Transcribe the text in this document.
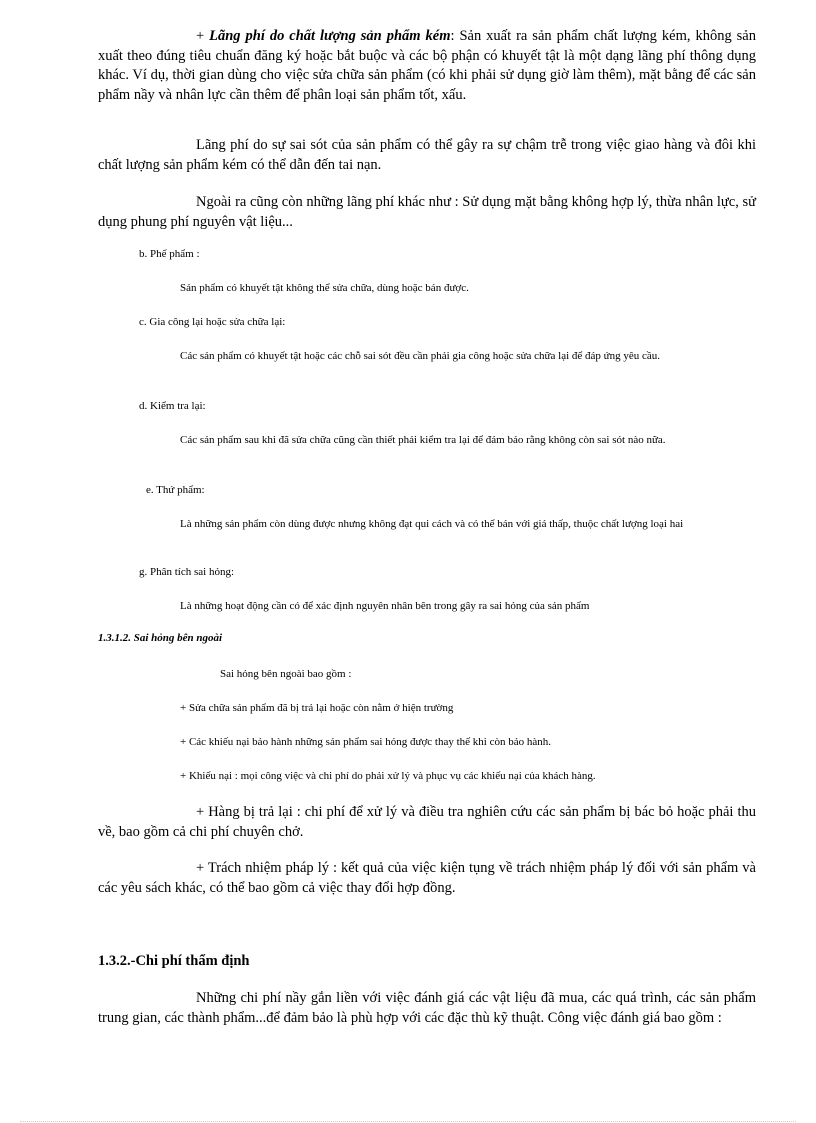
+ Lãng phí do chất lượng sản phẩm kém: Sản xuất ra sản phẩm chất lượng kém, không sản xuất theo đúng tiêu chuẩn đăng ký hoặc bắt buộc và các bộ phận có khuyết tật là một dạng lãng phí thông dụng khác. Ví dụ, thời gian dùng cho việc sửa chữa sản phẩm (có khi phải sử dụng giờ làm thêm), mặt bằng để các sản phẩm nầy và nhân lực cần thêm để phân loại sản phẩm tốt, xấu.

Lãng phí do sự sai sót của sản phẩm có thể gây ra sự chậm trễ trong việc giao hàng và đôi khi chất lượng sản phẩm kém có thể dẫn đến tai nạn.

Ngoài ra cũng còn những lãng phí khác như : Sử dụng mặt bằng không hợp lý, thừa nhân lực, sử dụng phung phí nguyên vật liệu...

b. Phế phẩm :

Sản phẩm có khuyết tật không thể sửa chữa, dùng hoặc bán được.

c. Gia công lại hoặc sửa chữa lại:

Các sản phẩm có khuyết tật hoặc các chỗ sai sót đều cần phải gia công hoặc sửa chữa lại để đáp ứng yêu cầu.

d. Kiểm tra lại:

Các sản phẩm sau khi đã sửa chữa cũng cần thiết phải kiểm tra lại để đảm bảo rằng không còn sai sót nào nữa.

e. Thứ phẩm:

Là những sản phẩm còn dùng được nhưng không đạt qui cách và có thể bán với giá thấp, thuộc chất lượng loại hai

g. Phân tích sai hỏng:

Là những hoạt động cần có để xác định nguyên nhân bên trong gây ra sai hỏng của sản phẩm

1.3.1.2. Sai hỏng bên ngoài

Sai hỏng bên ngoài bao gồm :

+ Sửa chữa sản phẩm đã bị trả lại hoặc còn nằm ở hiện trường

+ Các khiếu nại bảo hành những sản phẩm sai hỏng được thay thế khi còn bảo hành.

+ Khiếu nại : mọi công việc và chi phí do phải xử lý và phục vụ các khiếu nại của khách hàng.

+ Hàng bị trả lại : chi phí để xử lý và điều tra nghiên cứu các sản phẩm bị bác bỏ hoặc phải thu về, bao gồm cả chi phí chuyên chở.

+ Trách nhiệm pháp lý : kết quả của việc kiện tụng về trách nhiệm pháp lý đối với sản phẩm và các yêu sách khác, có thể bao gồm cả việc thay đổi hợp đồng.

1.3.2.-Chi phí thẩm định

Những chi phí nầy gắn liền với việc đánh giá các vật liệu đã mua, các quá trình, các sản phẩm trung gian, các thành phẩm...để đảm bảo là phù hợp với các đặc thù kỹ thuật. Công việc đánh giá bao gồm :
